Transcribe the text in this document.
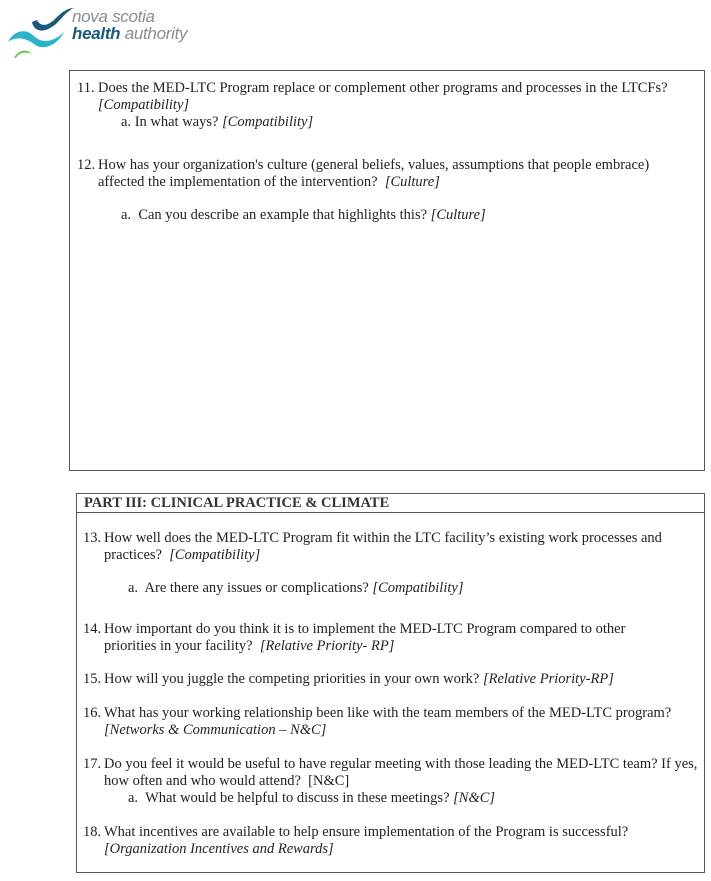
nova scotia
health authority
11. Does the MED-LTC Program replace or complement other programs and processes in the LTCFs?
[Compatibility]
a. In what ways? [Compatibility]
12. How has your organization's culture (general beliefs, values, assumptions that people embrace) affected the implementation of the intervention? [Culture]
a. Can you describe an example that highlights this? [Culture]
PART III: CLINICAL PRACTICE & CLIMATE
13. How well does the MED-LTC Program fit within the LTC facility’s existing work processes and practices? [Compatibility]
a. Are there any issues or complications? [Compatibility]
14. How important do you think it is to implement the MED-LTC Program compared to other priorities in your facility? [Relative Priority- RP]
15. How will you juggle the competing priorities in your own work? [Relative Priority-RP]
16. What has your working relationship been like with the team members of the MED-LTC program?
[Networks & Communication – N&C]
17. Do you feel it would be useful to have regular meeting with those leading the MED-LTC team? If yes, how often and who would attend? [N&C]
a. What would be helpful to discuss in these meetings? [N&C]
18. What incentives are available to help ensure implementation of the Program is successful?
[Organization Incentives and Rewards]
